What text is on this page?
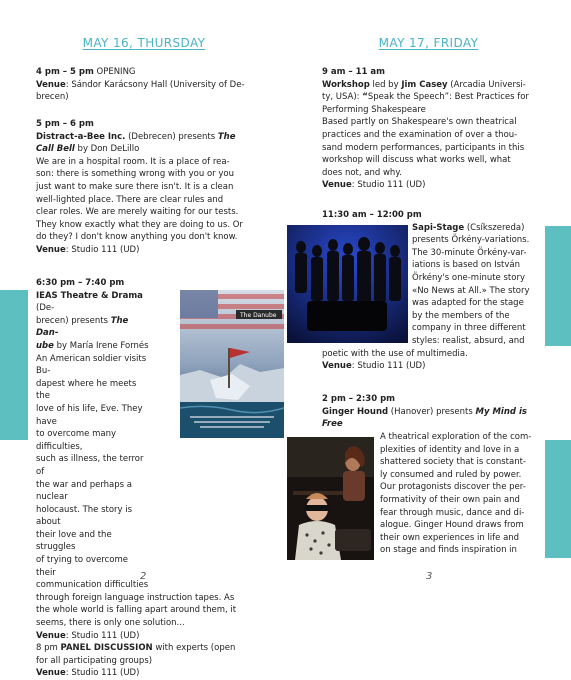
MAY 16, THURSDAY

4 pm – 5 pm OPENING

Venue: Sándor Karácsony Hall (University of De-

brecen)

5 pm – 6 pm

Distract-a-Bee Inc. (Debrecen) presents The

Call Bell by Don DeLillo

We are in a hospital room. It is a place of rea-

son: there is something wrong with you or you

just want to make sure there isn't. It is a clean

well-lighted place. There are clear rules and

clear roles. We are merely waiting for our tests.

They know exactly what they are doing to us. Or

do they? I don't know anything you don't know.

Venue: Studio 111 (UD)

6:30 pm – 7:40 pm

IEAS Theatre & Drama (De-

brecen) presents The Dan-

ube by María Irene Fornés

An American soldier visits Bu-

dapest where he meets the

love of his life, Eve. They have

to overcome many difficulties,

such as illness, the terror of

the war and perhaps a nuclear

holocaust. The story is about

their love and the struggles

of trying to overcome their

communication difficulties

through foreign language instruction tapes. As

the whole world is falling apart around them, it

seems, there is only one solution...

Venue: Studio 111 (UD)

8 pm PANEL DISCUSSION with experts (open

for all participating groups)

Venue: Studio 111 (UD)

2
The Danube
MAY 17, FRIDAY

9 am – 11 am

Workshop led by Jim Casey (Arcadia Universi-

ty, USA): “Speak the Speech”: Best Practices for

Performing Shakespeare

Based partly on Shakespeare's own theatrical

practices and the examination of over a thou-

sand modern performances, participants in this

workshop will discuss what works well, what

does not, and why.

Venue: Studio 111 (UD)

11:30 am – 12:00 pm

Sapi-Stage (Csíkszereda)

presents Örkény-variations.

The 30-minute Örkény-var-

iations is based on István

Örkény's one-minute story

«No News at All.» The story

was adapted for the stage

by the members of the

company in three different

styles: realist, absurd, and

poetic with the use of multimedia.

Venue: Studio 111 (UD)

2 pm – 2:30 pm

Ginger Hound (Hanover) presents My Mind is

Free

A theatrical exploration of the com-

plexities of identity and love in a

shattered society that is constant-

ly consumed and ruled by power.

Our protagonists discover the per-

formativity of their own pain and

fear through music, dance and di-

alogue. Ginger Hound draws from

their own experiences in life and

on stage and finds inspiration in

3
